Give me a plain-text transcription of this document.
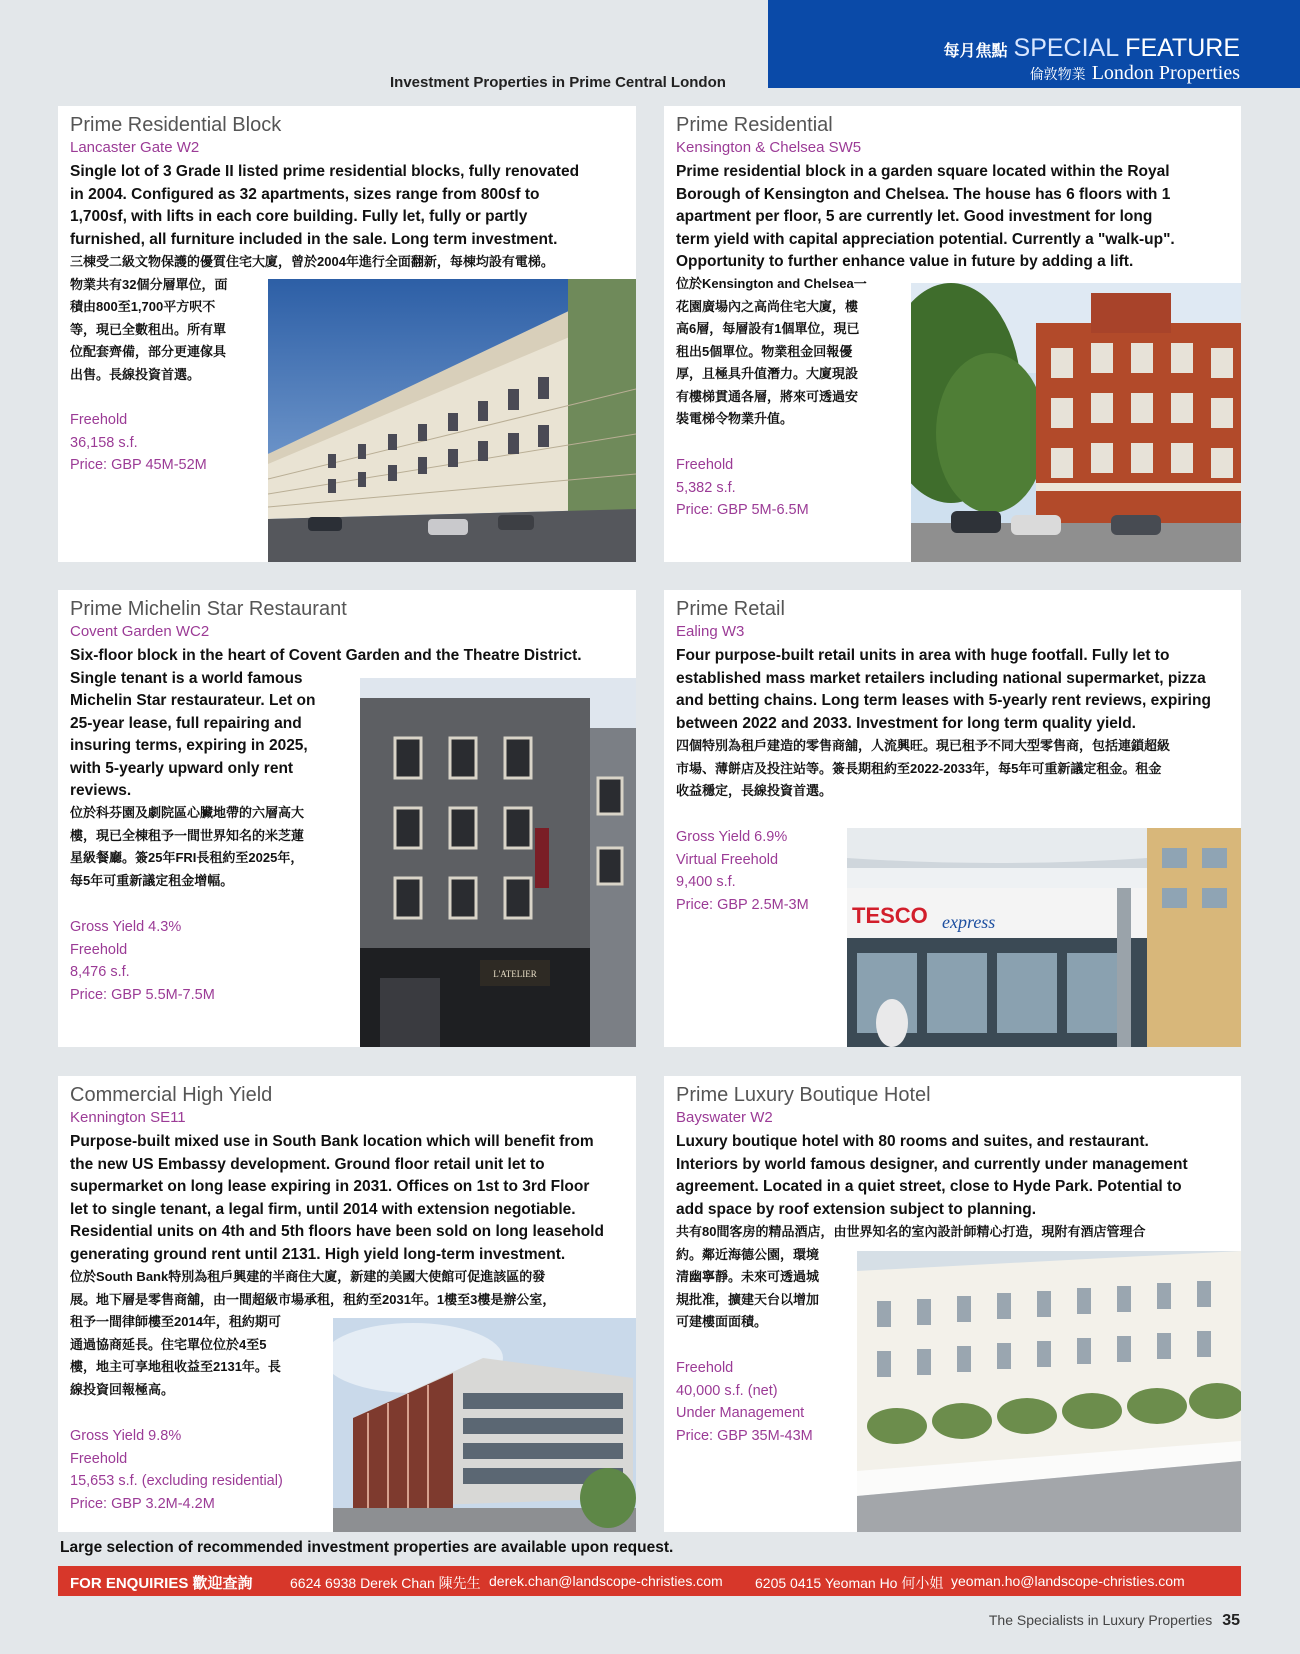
每月焦點 SPECIAL FEATURE
倫敦物業 London Properties
Investment Properties in Prime Central London
Prime Residential Block
Lancaster Gate W2
Single lot of 3 Grade II listed prime residential blocks, fully renovated
in 2004. Configured as 32 apartments, sizes range from 800sf to
1,700sf, with lifts in each core building. Fully let, fully or partly
furnished, all furniture included in the sale. Long term investment.
三棟受二級文物保護的優質住宅大廈，曾於2004年進行全面翻新，每棟均設有電梯。
物業共有32個分層單位，面
積由800至1,700平方呎不
等，現已全數租出。所有單
位配套齊備，部分更連傢具
出售。長線投資首選。
Freehold
36,158 s.f.
Price: GBP 45M-52M
Prime Residential
Kensington & Chelsea SW5
Prime residential block in a garden square located within the Royal
Borough of Kensington and Chelsea. The house has 6 floors with 1
apartment per floor, 5 are currently let. Good investment for long
term yield with capital appreciation potential. Currently a "walk-up".
Opportunity to further enhance value in future by adding a lift.
位於Kensington and Chelsea一
花園廣場內之高尚住宅大廈，樓
高6層，每層設有1個單位，現已
租出5個單位。物業租金回報優
厚，且極具升值潛力。大廈現設
有樓梯貫通各層，將來可透過安
裝電梯令物業升值。
Freehold
5,382 s.f.
Price: GBP 5M-6.5M
Prime Michelin Star Restaurant
Covent Garden WC2
Six-floor block in the heart of Covent Garden and the Theatre District.
Single tenant is a world famous
Michelin Star restaurateur. Let on
25-year lease, full repairing and
insuring terms, expiring in 2025,
with 5-yearly upward only rent
reviews.
位於科芬園及劇院區心臟地帶的六層高大
樓，現已全棟租予一間世界知名的米芝蓮
星級餐廳。簽25年FRI長租約至2025年，
每5年可重新議定租金增幅。
Gross Yield 4.3%
Freehold
8,476 s.f.
Price: GBP 5.5M-7.5M
L'ATELIER
Prime Retail
Ealing W3
Four purpose-built retail units in area with huge footfall. Fully let to
established mass market retailers including national supermarket, pizza
and betting chains. Long term leases with 5-yearly rent reviews, expiring
between 2022 and 2033. Investment for long term quality yield.
四個特別為租戶建造的零售商舖，人流興旺。現已租予不同大型零售商，包括連鎖超級
市場、薄餅店及投注站等。簽長期租約至2022-2033年，每5年可重新議定租金。租金
收益穩定，長線投資首選。
Gross Yield 6.9%
Virtual Freehold
9,400 s.f.
Price: GBP 2.5M-3M TESCO express
Commercial High Yield
Kennington SE11
Purpose-built mixed use in South Bank location which will benefit from
the new US Embassy development. Ground floor retail unit let to
supermarket on long lease expiring in 2031. Offices on 1st to 3rd Floor
let to single tenant, a legal firm, until 2014 with extension negotiable.
Residential units on 4th and 5th floors have been sold on long leasehold
generating ground rent until 2131. High yield long-term investment.
位於South Bank特別為租戶興建的半商住大廈，新建的美國大使館可促進該區的發
展。地下層是零售商舖，由一間超級市場承租，租約至2031年。1樓至3樓是辦公室，
租予一間律師樓至2014年，租約期可
通過協商延長。住宅單位位於4至5
樓，地主可享地租收益至2131年。長
線投資回報極高。
Gross Yield 9.8%
Freehold
15,653 s.f. (excluding residential)
Price: GBP 3.2M-4.2M
Prime Luxury Boutique Hotel
Bayswater W2
Luxury boutique hotel with 80 rooms and suites, and restaurant.
Interiors by world famous designer, and currently under management
agreement. Located in a quiet street, close to Hyde Park. Potential to
add space by roof extension subject to planning.
共有80間客房的精品酒店，由世界知名的室內設計師精心打造，現附有酒店管理合
約。鄰近海德公園，環境
清幽寧靜。未來可透過城
規批准，擴建天台以增加
可建樓面面積。
Freehold
40,000 s.f. (net)
Under Management
Price: GBP 35M-43M
Large selection of recommended investment properties are available upon request.
FOR ENQUIRIES 歡迎查詢	6624 6938 Derek Chan 陳先生 derek.chan@landscope-christies.com 6205 0415 Yeoman Ho 何小姐 yeoman.ho@landscope-christies.com
The Specialists in Luxury Properties 35
